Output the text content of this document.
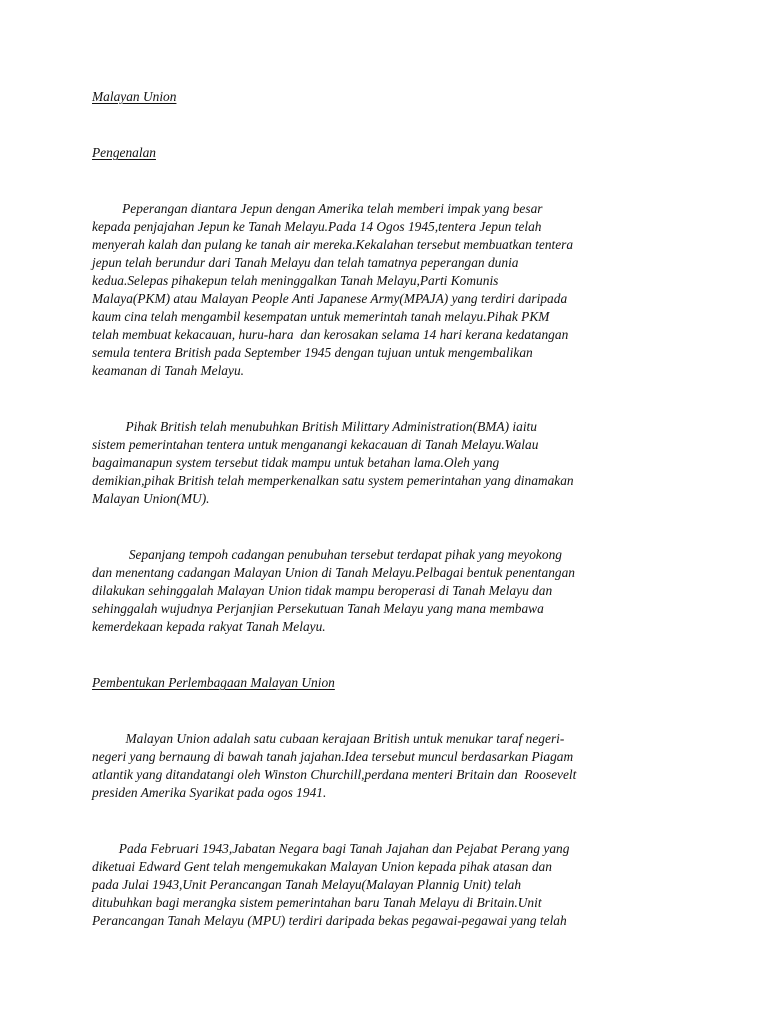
Malayan Union
Pengenalan
Peperangan diantara Jepun dengan Amerika telah memberi impak yang besar
kepada penjajahan Jepun ke Tanah Melayu.Pada 14 Ogos 1945,tentera Jepun telah
menyerah kalah dan pulang ke tanah air mereka.Kekalahan tersebut membuatkan tentera
jepun telah berundur dari Tanah Melayu dan telah tamatnya peperangan dunia
kedua.Selepas pihakepun telah meninggalkan Tanah Melayu,Parti Komunis
Malaya(PKM) atau Malayan People Anti Japanese Army(MPAJA) yang terdiri daripada
kaum cina telah mengambil kesempatan untuk memerintah tanah melayu.Pihak PKM
telah membuat kekacauan, huru-hara  dan kerosakan selama 14 hari kerana kedatangan
semula tentera British pada September 1945 dengan tujuan untuk mengembalikan
keamanan di Tanah Melayu.
Pihak British telah menubuhkan British Milittary Administration(BMA) iaitu
sistem pemerintahan tentera untuk menganangi kekacauan di Tanah Melayu.Walau
bagaimanapun system tersebut tidak mampu untuk betahan lama.Oleh yang
demikian,pihak British telah memperkenalkan satu system pemerintahan yang dinamakan
Malayan Union(MU).
Sepanjang tempoh cadangan penubuhan tersebut terdapat pihak yang meyokong
dan menentang cadangan Malayan Union di Tanah Melayu.Pelbagai bentuk penentangan
dilakukan sehinggalah Malayan Union tidak mampu beroperasi di Tanah Melayu dan
sehinggalah wujudnya Perjanjian Persekutuan Tanah Melayu yang mana membawa
kemerdekaan kepada rakyat Tanah Melayu.
Pembentukan Perlembagaan Malayan Union
Malayan Union adalah satu cubaan kerajaan British untuk menukar taraf negeri-
negeri yang bernaung di bawah tanah jajahan.Idea tersebut muncul berdasarkan Piagam
atlantik yang ditandatangi oleh Winston Churchill,perdana menteri Britain dan  Roosevelt
presiden Amerika Syarikat pada ogos 1941.
Pada Februari 1943,Jabatan Negara bagi Tanah Jajahan dan Pejabat Perang yang
diketuai Edward Gent telah mengemukakan Malayan Union kepada pihak atasan dan
pada Julai 1943,Unit Perancangan Tanah Melayu(Malayan Plannig Unit) telah
ditubuhkan bagi merangka sistem pemerintahan baru Tanah Melayu di Britain.Unit
Perancangan Tanah Melayu (MPU) terdiri daripada bekas pegawai-pegawai yang telah
